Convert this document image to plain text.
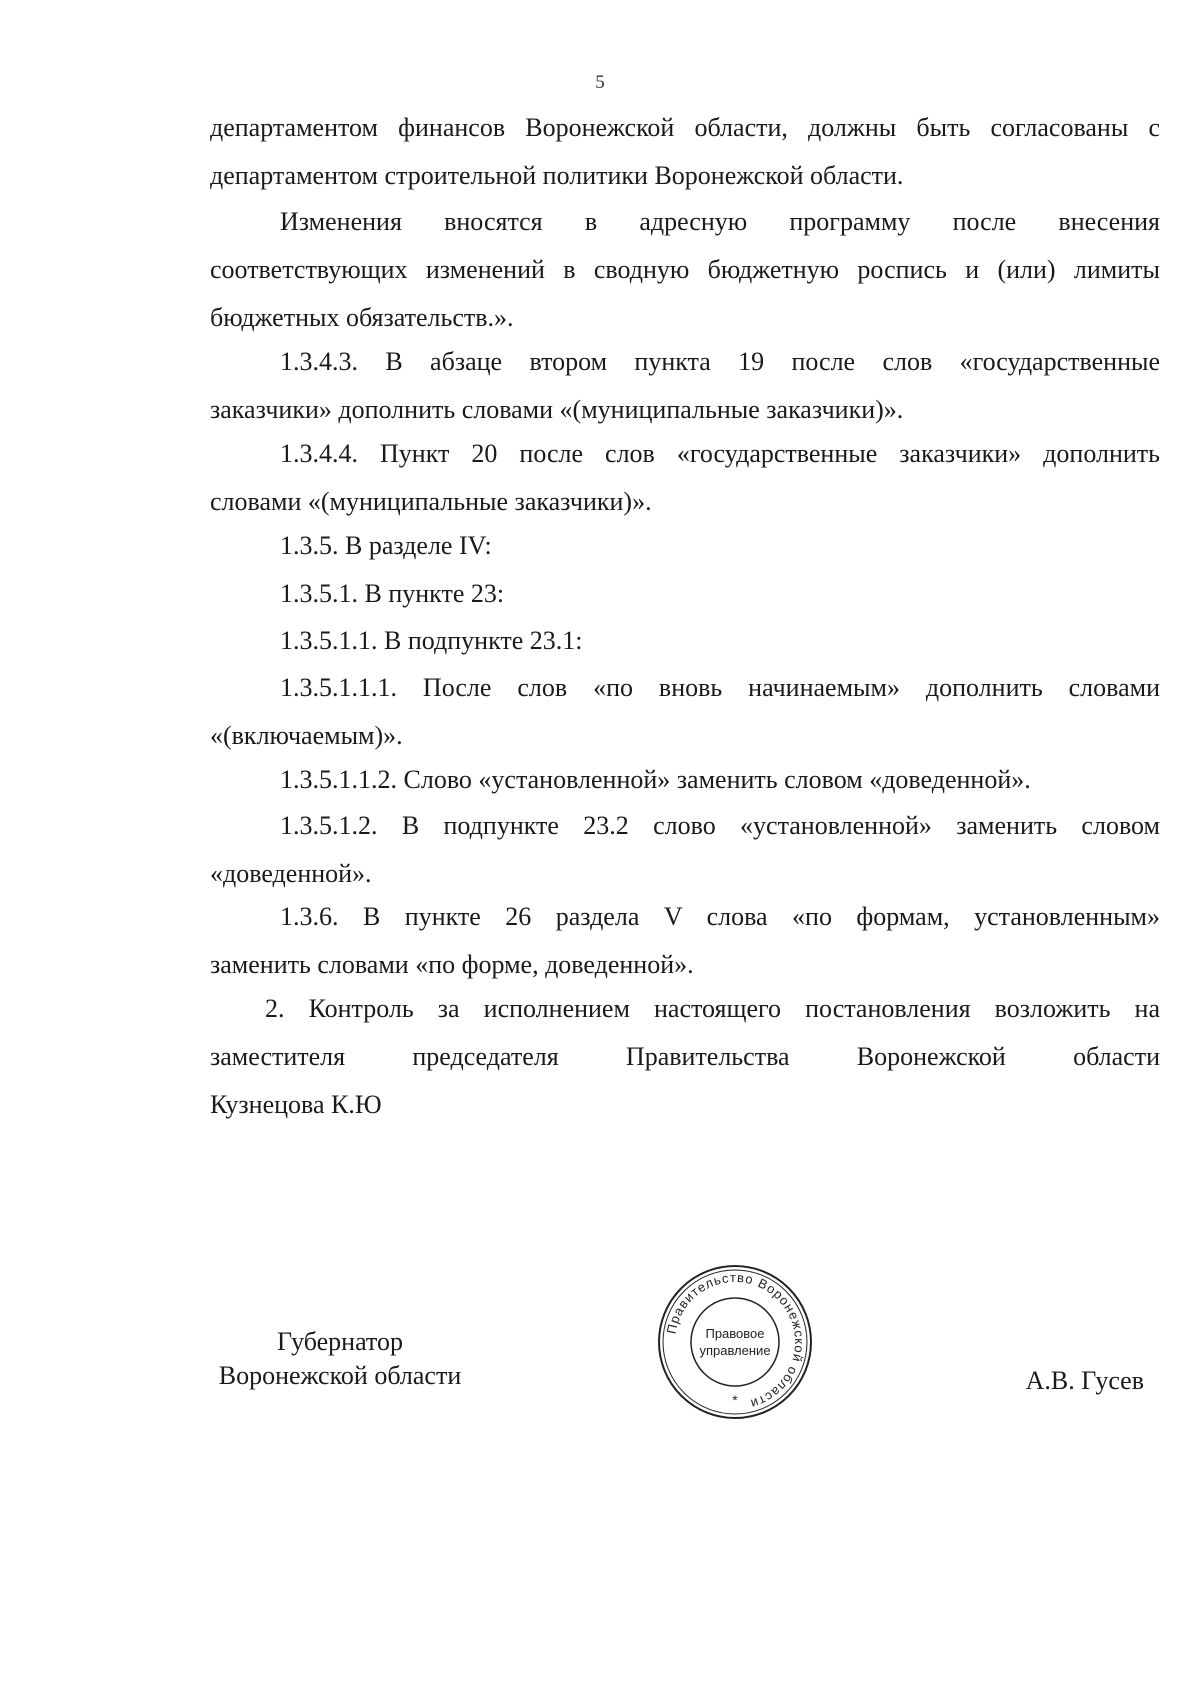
5

департаментом финансов Воронежской области, должны быть согласованы с
департаментом строительной политики Воронежской области.

Изменения вносятся в адресную программу после внесения
соответствующих изменений в сводную бюджетную роспись и (или) лимиты
бюджетных обязательств.».

1.3.4.3. В абзаце втором пункта 19 после слов «государственные
заказчики» дополнить словами «(муниципальные заказчики)».

1.3.4.4. Пункт 20 после слов «государственные заказчики» дополнить
словами «(муниципальные заказчики)».

1.3.5. В разделе IV:

1.3.5.1. В пункте 23:

1.3.5.1.1. В подпункте 23.1:

1.3.5.1.1.1. После слов «по вновь начинаемым» дополнить словами
«(включаемым)».

1.3.5.1.1.2. Слово «установленной» заменить словом «доведенной».

1.3.5.1.2. В подпункте 23.2 слово «установленной» заменить словом
«доведенной».

1.3.6. В пункте 26 раздела V слова «по формам, установленным»
заменить словами «по форме, доведенной».

2. Контроль за исполнением настоящего постановления возложить на
заместителя председателя Правительства Воронежской области
Кузнецова К.Ю

Губернатор
Воронежской области
Правительство Воронежской области
Правовое
управление
*
А.В. Гусев
